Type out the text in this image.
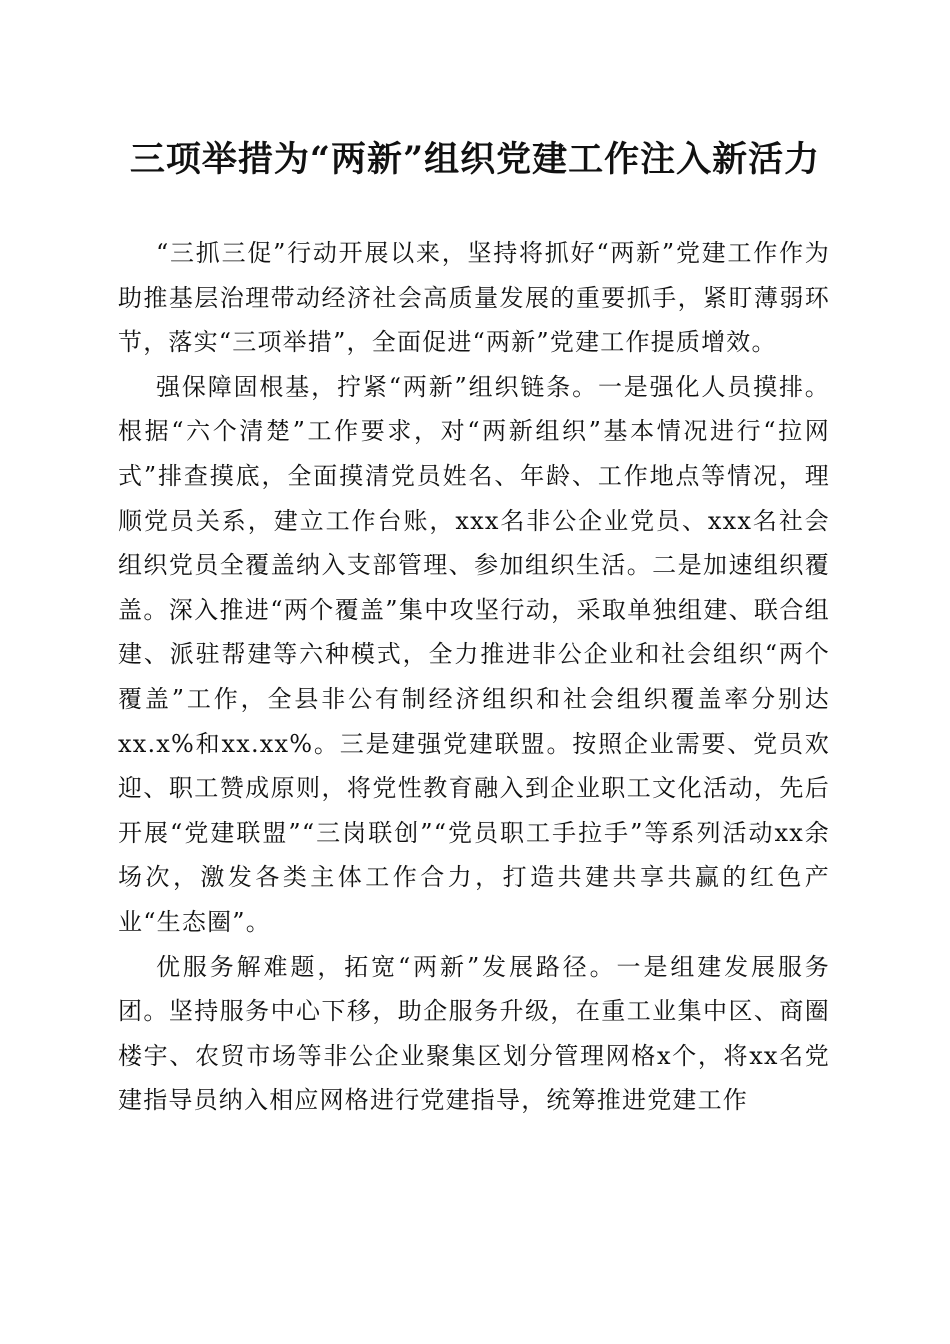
三项举措为“两新”组织党建工作注入新活力

“三抓三促”行动开展以来，坚持将抓好“两新”党建工作作为助推基层治理带动经济社会高质量发展的重要抓手，紧盯薄弱环节，落实“三项举措”，全面促进“两新”党建工作提质增效。

强保障固根基，拧紧“两新”组织链条。一是强化人员摸排。根据“六个清楚”工作要求，对“两新组织”基本情况进行“拉网式”排查摸底，全面摸清党员姓名、年龄、工作地点等情况，理顺党员关系，建立工作台账，xxx名非公企业党员、xxx名社会组织党员全覆盖纳入支部管理、参加组织生活。二是加速组织覆盖。深入推进“两个覆盖”集中攻坚行动，采取单独组建、联合组建、派驻帮建等六种模式，全力推进非公企业和社会组织“两个覆盖”工作，全县非公有制经济组织和社会组织覆盖率分别达xx.x%和xx.xx%。三是建强党建联盟。按照企业需要、党员欢迎、职工赞成原则，将党性教育融入到企业职工文化活动，先后开展“党建联盟”“三岗联创”“党员职工手拉手”等系列活动xx余场次，激发各类主体工作合力，打造共建共享共赢的红色产业“生态圈”。

优服务解难题，拓宽“两新”发展路径。一是组建发展服务团。坚持服务中心下移，助企服务升级，在重工业集中区、商圈楼宇、农贸市场等非公企业聚集区划分管理网格x个，将xx名党建指导员纳入相应网格进行党建指导，统筹推进党建工作
